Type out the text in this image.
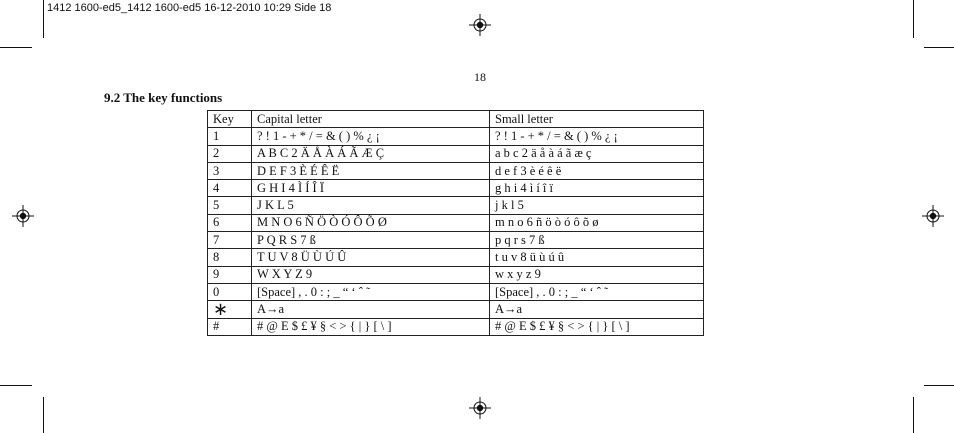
1412 1600-ed5_1412 1600-ed5 16-12-2010 10:29 Side 18
18
9.2 The key functions
Key	Capital letter	Small letter
1	? ! 1 - + * / = & ( ) % ¿ ¡	? ! 1 - + * / = & ( ) % ¿ ¡
2	A B C 2 Ä Å À Á Ã Æ Ç	a b c 2 ä å à á ã æ ç
3	D E F 3 È É Ê Ë	d e f 3 è é ê ë
4	G H I 4 Ì Í Î Ï	g h i 4 ì í î ï
5	J K L 5	j k l 5
6	M N O 6 Ñ Ö Ò Ó Ô Õ Ø	m n o 6 ñ ö ò ó ô õ ø
7	P Q R S 7 ß	p q r s 7 ß
8	T U V 8 Ü Ù Ú Û	t u v 8 ü ù ú û
9	W X Y Z 9	w x y z 9
0	[Space] , . 0 : ; _ “ ‘ ˆ ˜	[Space] , . 0 : ; _ “ ‘ ˆ ˜
∗	A→a	A→a
#	# @ E $ £ ¥ § < > { | } [ \ ]	# @ E $ £ ¥ § < > { | } [ \ ]
